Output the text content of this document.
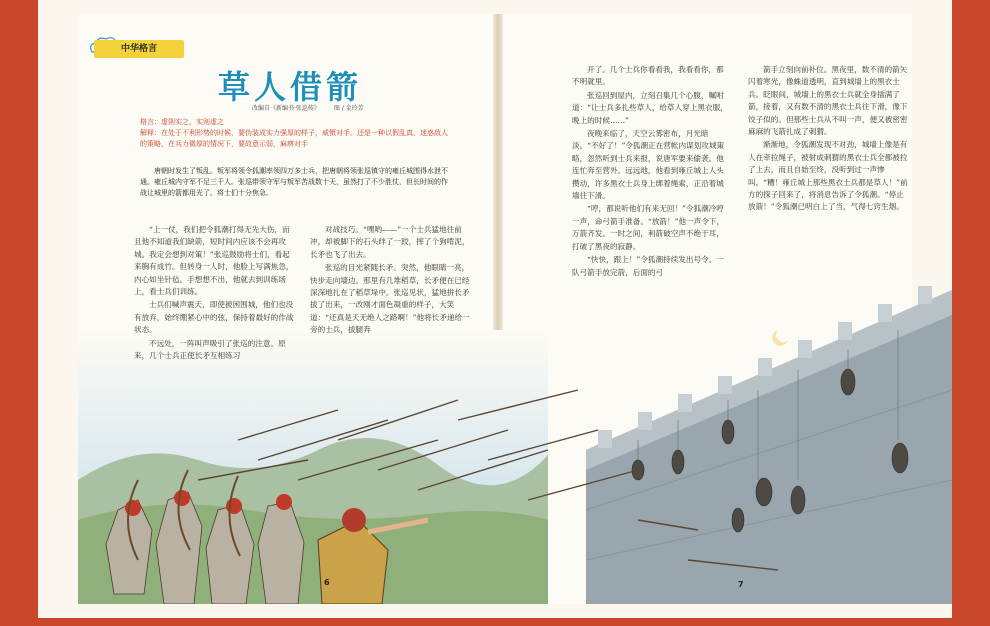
中华格言
草人借箭
改编自《新编书·张巡传》 图 / 金玲芳

格言：虚則实之，实则虚之

解释：在处于不利形势的时候，要伪装成实力强厚的样子，威慑对手。还是一种以假乱真、迷惑敌人的策略，在兵力微厚的情况下，要故意示弱，麻痹对手

唐朝时发生了叛乱。叛军将领令狐潮率领四万多士兵，把唐朝将领张巡镇守的雍丘城围得水泄不通。雍丘城内守军不足三千人。张巡带领守军与叛军苦战数十天，虽然打了不少胜仗，但长时间的作战让城里的箭都用光了。将士们十分焦急。

“上一仗，我们把令狐潮打得无先大伤，而且他不知道我们缺箭，短时间内应该不会再攻城。我定会想到对策！”张巡鼓励将士们，看起来胸有成竹。但转身一人时，他脸上写满焦急，内心如坐针毡。手想想不出，他就去到训练场上，看士兵们训练。

士兵们喊声震天，即使被困围城，他们也没有放弃，始终绷紧心中的弦，保持着最好的作战状态。

不远处，一阵叫声吸引了张巡的注意。原来，几个士兵正使长矛互相练习

对战技巧。“嘿哟——”一个士兵猛地往前冲，却被脚下的石头绊了一跤，摔了个狗啃泥，长矛也飞了出去。

张巡的目光紧随长矛。突然，他眼睛一亮，快步走向墙边。那里有几堆稻草，长矛便在已经深深地扎在了稻草垛中。张巡见状，猛地拼长矛拔了出来，一改刚才面色凝重的样子，大笑道：“还真是天无绝人之路啊！”他将长矛递给一旁的士兵，拔腿奔

开了。几个士兵你看看我，我看看你，都不明就里。

张巡回到屋内，立刻召集几个心腹，嘱咐道：“让士兵多扎些草人，给草人穿上黑衣服，晚上的时候……”

夜晚来临了，天空云雾密布，月光暗淡。“不好了！”令狐潮正在营帐内谋划攻城策略，忽然听到士兵来报，说唐军要来偷袭。他连忙奔至营外。远远地，他看到雍丘城上人头攒动，许多黑衣士兵身上绑着绳索，正沿着城墙往下滑。

“哼，都说听他们有来无回！”令狐潮冷哼一声，命弓箭手准备。“放箭！”他一声令下，万箭齐发。一时之间，利箭破空声不绝于耳，打破了黑夜的寂静。

“快快，跟上！”令狐潮持续发出号令。一队弓箭手放完箭，后面的弓

箭手立刻向前补位。黑夜里，数不清的箭矢闪着寒光，像蛛道透明，直到城墙上的黑衣士兵。眨眼间，城墙上的黑衣士兵就全身插满了箭，接着，又有数不清的黑衣士兵往下滑，像下饺子似的。但那些士兵从不叫一声，便又被密密麻麻的飞箭扎成了刺猬。

渐渐地，令狐潮发现不对劲，城墙上像是有人在牵拉绳子，被射成刺猬的黑衣士兵全都被拉了上去，而且自始至终，没听到过一声惨叫。“糟！雍丘城上那些黑衣士兵都是草人！”前方的探子回来了，将消息告诉了令狐潮。“停止放箭！”令狐潮已明白上了当，气得七窍生烟。

6	7
